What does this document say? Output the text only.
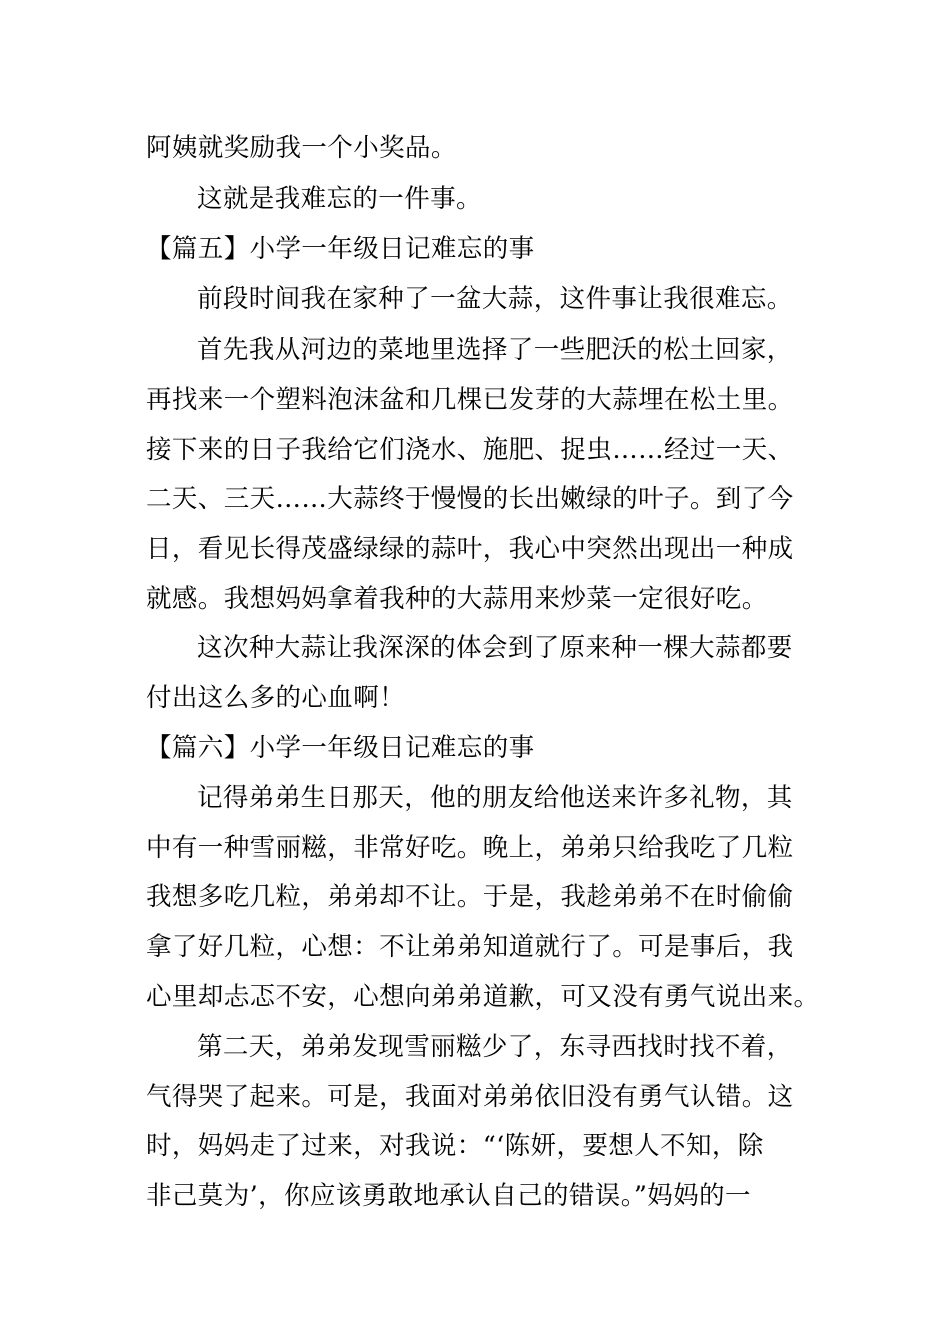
阿姨就奖励我一个小奖品。
这就是我难忘的一件事。
【篇五】小学一年级日记难忘的事
前段时间我在家种了一盆大蒜，这件事让我很难忘。
首先我从河边的菜地里选择了一些肥沃的松土回家，
再找来一个塑料泡沫盆和几棵已发芽的大蒜埋在松土里。
接下来的日子我给它们浇水、施肥、捉虫……经过一天、
二天、三天……大蒜终于慢慢的长出嫩绿的叶子。到了今
日，看见长得茂盛绿绿的蒜叶，我心中突然出现出一种成
就感。我想妈妈拿着我种的大蒜用来炒菜一定很好吃。
这次种大蒜让我深深的体会到了原来种一棵大蒜都要
付出这么多的心血啊！
【篇六】小学一年级日记难忘的事
记得弟弟生日那天，他的朋友给他送来许多礼物，其
中有一种雪丽糍，非常好吃。晚上，弟弟只给我吃了几粒
我想多吃几粒，弟弟却不让。于是，我趁弟弟不在时偷偷
拿了好几粒，心想：不让弟弟知道就行了。可是事后，我
心里却忐忑不安，心想向弟弟道歉，可又没有勇气说出来。
第二天，弟弟发现雪丽糍少了，东寻西找时找不着，
气得哭了起来。可是，我面对弟弟依旧没有勇气认错。这
时，妈妈走了过来，对我说：“‘陈妍，要想人不知，除
非己莫为’，你应该勇敢地承认自己的错误。”妈妈的一
